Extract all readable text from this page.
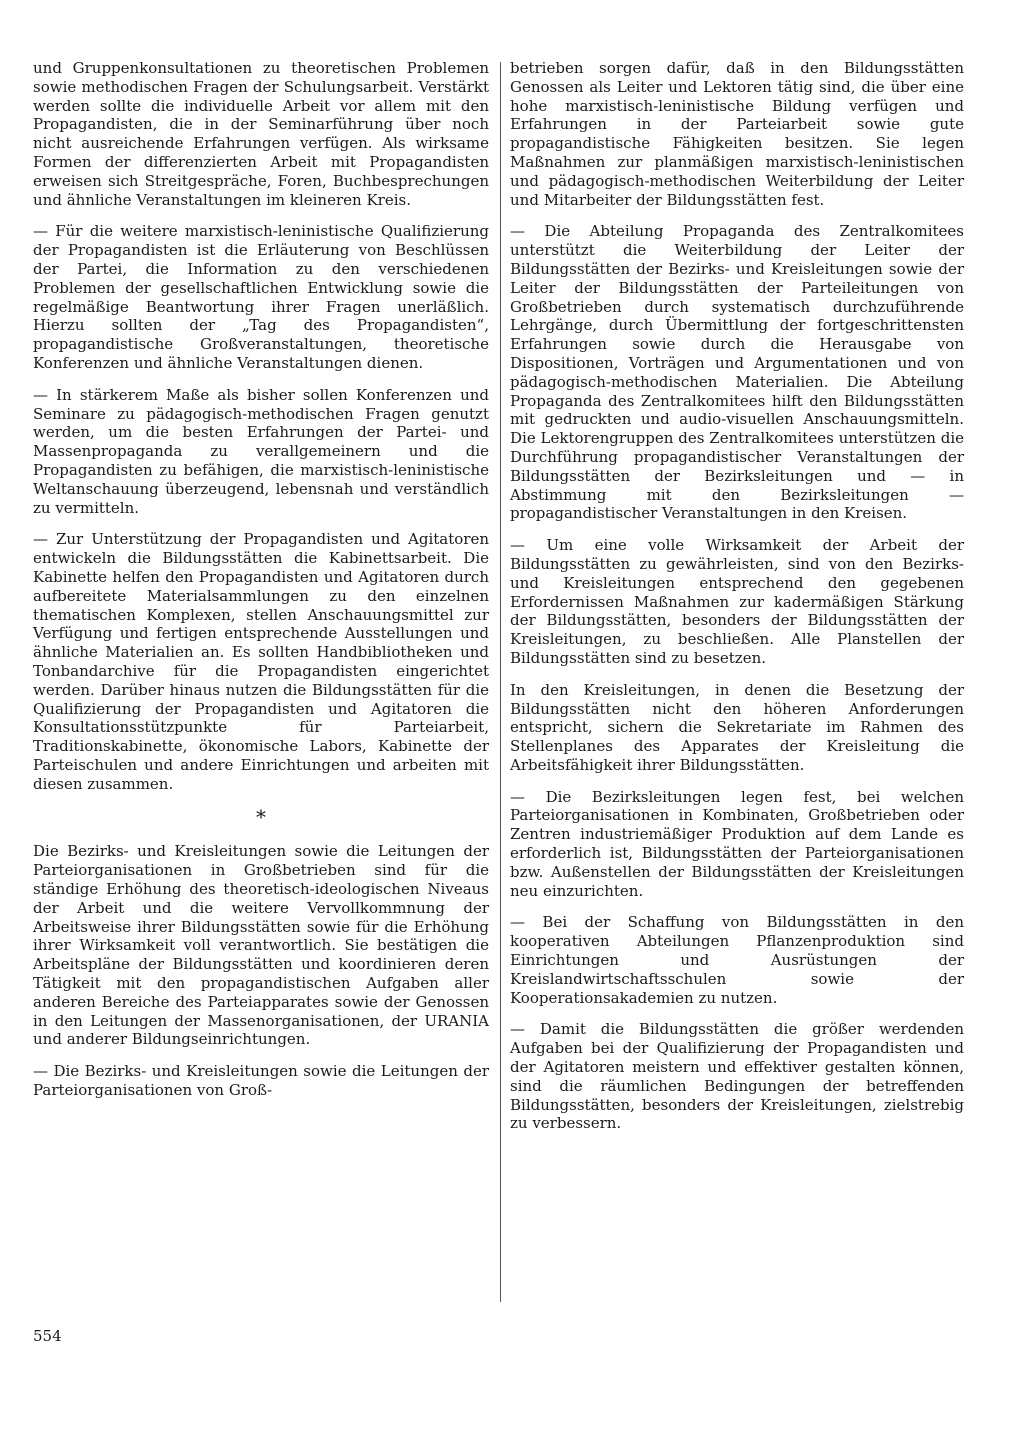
und Gruppenkonsultationen zu theoretischen Problemen sowie methodischen Fragen der Schulungsarbeit. Verstärkt werden sollte die individuelle Arbeit vor allem mit den Propagandisten, die in der Seminarführung über noch nicht ausreichende Erfahrungen verfügen. Als wirksame Formen der differenzierten Arbeit mit Propagandisten erweisen sich Streitgespräche, Foren, Buchbesprechungen und ähnliche Veranstaltungen im kleineren Kreis.

— Für die weitere marxistisch-leninistische Qualifizierung der Propagandisten ist die Erläuterung von Beschlüssen der Partei, die Information zu den verschiedenen Problemen der gesellschaftlichen Entwicklung sowie die regelmäßige Beantwortung ihrer Fragen unerläßlich. Hierzu sollten der „Tag des Propagandisten“, propagandistische Großveranstaltungen, theoretische Konferenzen und ähnliche Veranstaltungen dienen.

— In stärkerem Maße als bisher sollen Konferenzen und Seminare zu pädagogisch-methodischen Fragen genutzt werden, um die besten Erfahrungen der Partei- und Massenpropaganda zu verallgemeinern und die Propagandisten zu befähigen, die marxistisch-leninistische Weltanschauung überzeugend, lebensnah und verständlich zu vermitteln.

— Zur Unterstützung der Propagandisten und Agitatoren entwickeln die Bildungsstätten die Kabinettsarbeit. Die Kabinette helfen den Propagandisten und Agitatoren durch aufbereitete Materialsammlungen zu den einzelnen thematischen Komplexen, stellen Anschauungsmittel zur Verfügung und fertigen entsprechende Ausstellungen und ähnliche Materialien an. Es sollten Handbibliotheken und Tonbandarchive für die Propagandisten eingerichtet werden. Darüber hinaus nutzen die Bildungsstätten für die Qualifizierung der Propagandisten und Agitatoren die Konsultationsstützpunkte für Parteiarbeit, Traditionskabinette, ökonomische Labors, Kabinette der Parteischulen und andere Einrichtungen und arbeiten mit diesen zusammen.

*

Die Bezirks- und Kreisleitungen sowie die Leitungen der Parteiorganisationen in Großbetrieben sind für die ständige Erhöhung des theoretisch-ideologischen Niveaus der Arbeit und die weitere Vervollkommnung der Arbeitsweise ihrer Bildungsstätten sowie für die Erhöhung ihrer Wirksamkeit voll verantwortlich. Sie bestätigen die Arbeitspläne der Bildungsstätten und koordinieren deren Tätigkeit mit den propagandistischen Aufgaben aller anderen Bereiche des Parteiapparates sowie der Genossen in den Leitungen der Massenorganisationen, der URANIA und anderer Bildungseinrichtungen.

— Die Bezirks- und Kreisleitungen sowie die Leitungen der Parteiorganisationen von Groß-

betrieben sorgen dafür, daß in den Bildungsstätten Genossen als Leiter und Lektoren tätig sind, die über eine hohe marxistisch-leninistische Bildung verfügen und Erfahrungen in der Parteiarbeit sowie gute propagandistische Fähigkeiten besitzen. Sie legen Maßnahmen zur planmäßigen marxistisch-leninistischen und pädagogisch-methodischen Weiterbildung der Leiter und Mitarbeiter der Bildungsstätten fest.

— Die Abteilung Propaganda des Zentralkomitees unterstützt die Weiterbildung der Leiter der Bildungsstätten der Bezirks- und Kreisleitungen sowie der Leiter der Bildungsstätten der Parteileitungen von Großbetrieben durch systematisch durchzuführende Lehrgänge, durch Übermittlung der fortgeschrittensten Erfahrungen sowie durch die Herausgabe von Dispositionen, Vorträgen und Argumentationen und von pädagogisch-methodischen Materialien. Die Abteilung Propaganda des Zentralkomitees hilft den Bildungsstätten mit gedruckten und audio-visuellen Anschauungsmitteln. Die Lektorengruppen des Zentralkomitees unterstützen die Durchführung propagandistischer Veranstaltungen der Bildungsstätten der Bezirksleitungen und — in Abstimmung mit den Bezirksleitungen — propagandistischer Veranstaltungen in den Kreisen.

— Um eine volle Wirksamkeit der Arbeit der Bildungsstätten zu gewährleisten, sind von den Bezirks- und Kreisleitungen entsprechend den gegebenen Erfordernissen Maßnahmen zur kadermäßigen Stärkung der Bildungsstätten, besonders der Bildungsstätten der Kreisleitungen, zu beschließen. Alle Planstellen der Bildungsstätten sind zu besetzen.

In den Kreisleitungen, in denen die Besetzung der Bildungsstätten nicht den höheren Anforderungen entspricht, sichern die Sekretariate im Rahmen des Stellenplanes des Apparates der Kreisleitung die Arbeitsfähigkeit ihrer Bildungsstätten.

— Die Bezirksleitungen legen fest, bei welchen Parteiorganisationen in Kombinaten, Großbetrieben oder Zentren industriemäßiger Produktion auf dem Lande es erforderlich ist, Bildungsstätten der Parteiorganisationen bzw. Außenstellen der Bildungsstätten der Kreisleitungen neu einzurichten.

— Bei der Schaffung von Bildungsstätten in den kooperativen Abteilungen Pflanzenproduktion sind Einrichtungen und Ausrüstungen der Kreislandwirtschaftsschulen sowie der Kooperationsakademien zu nutzen.

— Damit die Bildungsstätten die größer werdenden Aufgaben bei der Qualifizierung der Propagandisten und der Agitatoren meistern und effektiver gestalten können, sind die räumlichen Bedingungen der betreffenden Bildungsstätten, besonders der Kreisleitungen, zielstrebig zu verbessern.

554
